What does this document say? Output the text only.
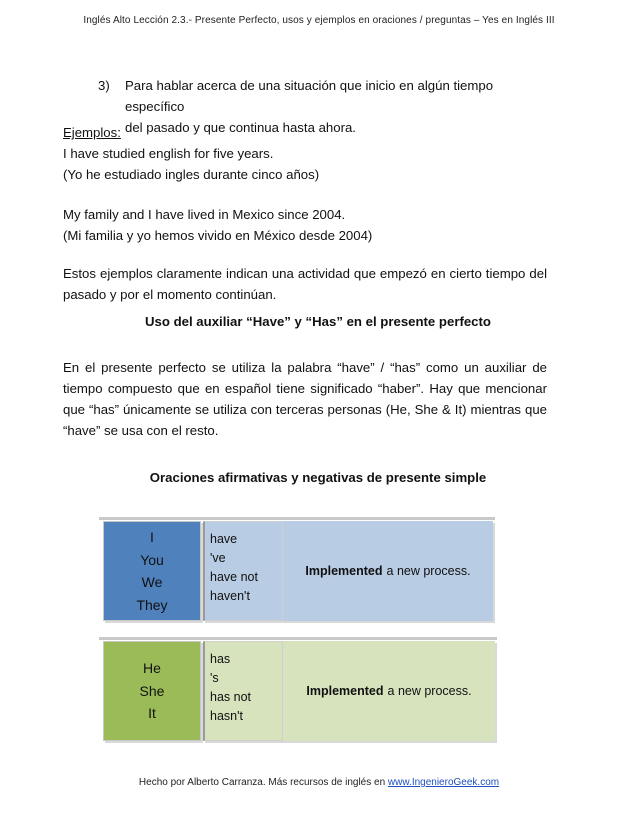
Inglés Alto Lección 2.3.- Presente Perfecto, usos y ejemplos en oraciones / preguntas – Yes en Inglés III
3) Para hablar acerca de una situación que inicio en algún tiempo específico
del pasado y que continua hasta ahora.
Ejemplos:
I have studied english for five years.
(Yo he estudiado ingles durante cinco años)
My family and I have lived in Mexico since 2004.
(Mi familia y yo hemos vivido en México desde 2004)
Estos ejemplos claramente indican una actividad que empezó en cierto tiempo del pasado y por el momento continúan.
Uso del auxiliar “Have” y “Has” en el presente perfecto
En el presente perfecto se utiliza la palabra “have” / “has” como un auxiliar de tiempo compuesto que en español tiene significado “haber”. Hay que mencionar que “has” únicamente se utiliza con terceras personas (He, She & It) mientras que “have” se usa con el resto.
Oraciones afirmativas y negativas de presente simple
I
You
We
They
have
've
have not
haven't
Implemented a new process.
He
She
It
has
's
has not
hasn't
Implemented a new process.
Hecho por Alberto Carranza. Más recursos de inglés en www.IngenieroGeek.com
